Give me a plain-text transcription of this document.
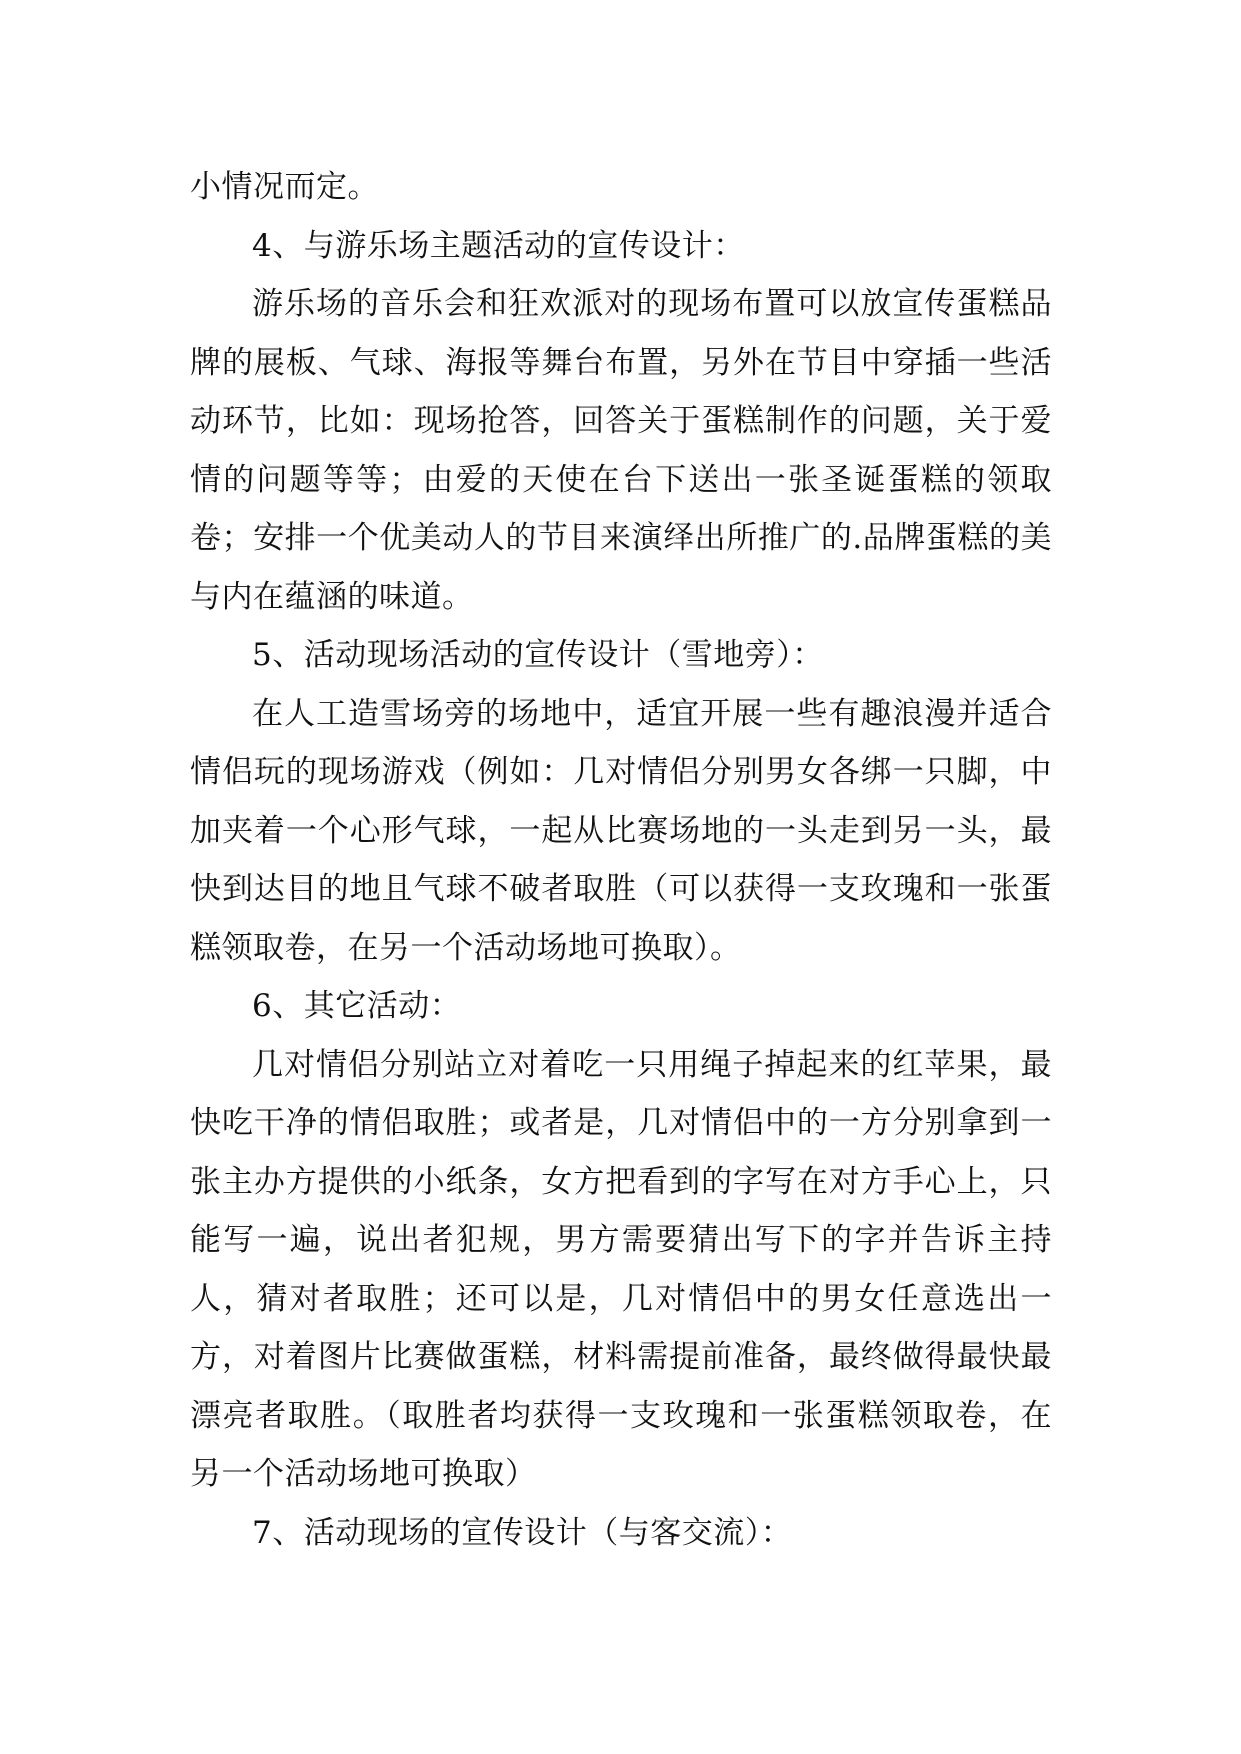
小情况而定。

4、与游乐场主题活动的宣传设计：

游乐场的音乐会和狂欢派对的现场布置可以放宣传蛋糕品牌的展板、气球、海报等舞台布置，另外在节目中穿插一些活动环节，比如：现场抢答，回答关于蛋糕制作的问题，关于爱情的问题等等；由爱的天使在台下送出一张圣诞蛋糕的领取卷；安排一个优美动人的节目来演绎出所推广的.品牌蛋糕的美与内在蕴涵的味道。

5、活动现场活动的宣传设计（雪地旁）：

在人工造雪场旁的场地中，适宜开展一些有趣浪漫并适合情侣玩的现场游戏（例如：几对情侣分别男女各绑一只脚，中加夹着一个心形气球，一起从比赛场地的一头走到另一头，最快到达目的地且气球不破者取胜（可以获得一支玫瑰和一张蛋糕领取卷，在另一个活动场地可换取）。

6、其它活动：

几对情侣分别站立对着吃一只用绳子掉起来的红苹果，最快吃干净的情侣取胜；或者是，几对情侣中的一方分别拿到一张主办方提供的小纸条，女方把看到的字写在对方手心上，只能写一遍，说出者犯规，男方需要猜出写下的字并告诉主持人，猜对者取胜；还可以是，几对情侣中的男女任意选出一方，对着图片比赛做蛋糕，材料需提前准备，最终做得最快最漂亮者取胜。（取胜者均获得一支玫瑰和一张蛋糕领取卷，在另一个活动场地可换取）

7、活动现场的宣传设计（与客交流）：
